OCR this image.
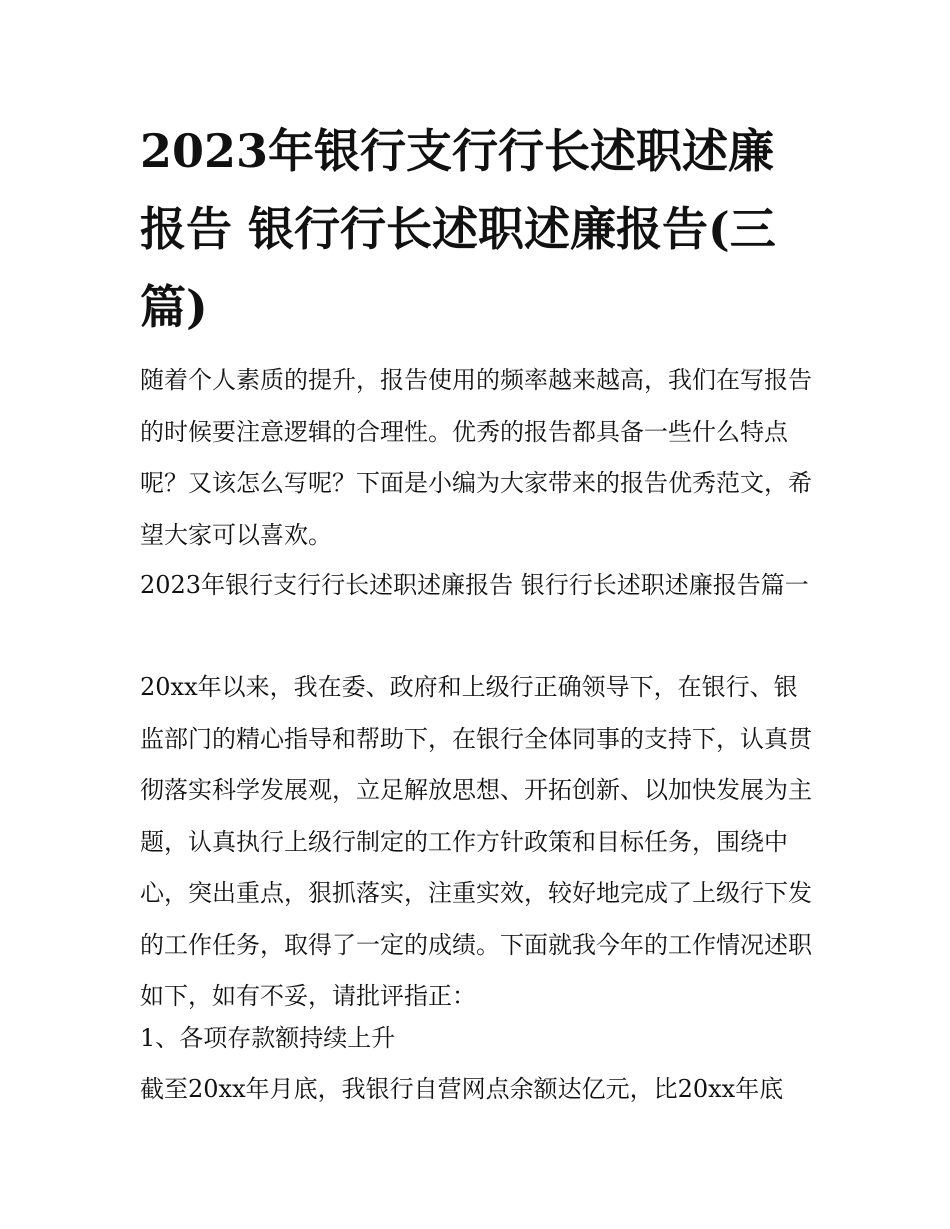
2023年银行支行行长述职述廉报告 银行行长述职述廉报告(三篇)

随着个人素质的提升，报告使用的频率越来越高，我们在写报告的时候要注意逻辑的合理性。优秀的报告都具备一些什么特点呢？又该怎么写呢？下面是小编为大家带来的报告优秀范文，希望大家可以喜欢。

2023年银行支行行长述职述廉报告 银行行长述职述廉报告篇一

20xx年以来，我在委、政府和上级行正确领导下，在银行、银监部门的精心指导和帮助下，在银行全体同事的支持下，认真贯彻落实科学发展观，立足解放思想、开拓创新、以加快发展为主题，认真执行上级行制定的工作方针政策和目标任务，围绕中心，突出重点，狠抓落实，注重实效，较好地完成了上级行下发的工作任务，取得了一定的成绩。下面就我今年的工作情况述职如下，如有不妥，请批评指正：

1、各项存款额持续上升

截至20xx年月底，我银行自营网点余额达亿元，比20xx年底
